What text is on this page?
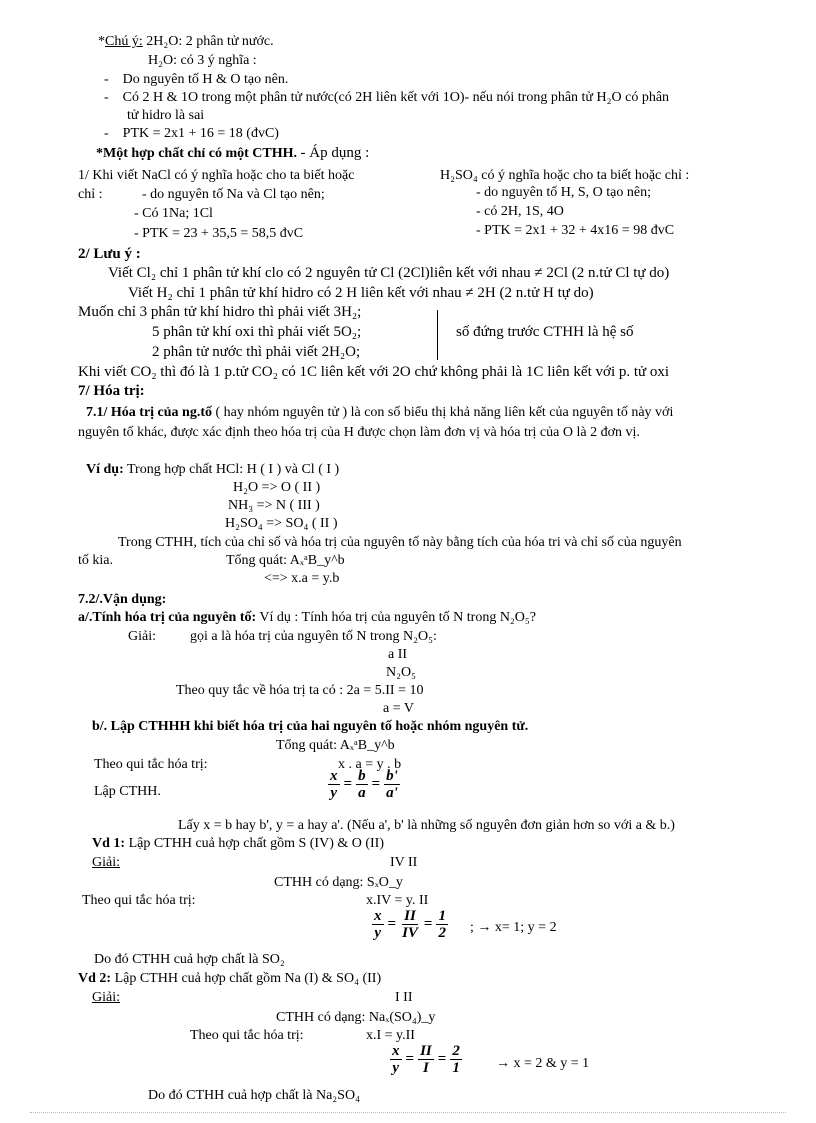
*Chú ý: 2H₂O: 2 phân tử nước.
H₂O: có 3 ý nghĩa :
-    Do nguyên tố H & O tạo nên.
-    Có 2 H & 1O trong một phân tử nước(có 2H liên kết với 1O)- nếu nói trong phân tử H₂O có phân
tử hidro là sai
-    PTK = 2x1 + 16 = 18 (đvC)
*Một hợp chất chỉ có một CTHH. - Áp dụng :
1/ Khi viết NaCl có ý nghĩa hoặc cho ta biết hoặc
chỉ :	- do nguyên tố Na và Cl tạo nên;
- Có 1Na; 1Cl
- PTK = 23 + 35,5 = 58,5 đvC
H₂SO₄ có ý nghĩa hoặc cho ta biết hoặc chỉ :
- do nguyên tố H, S, O tạo nên;
- có 2H, 1S, 4O
- PTK = 2x1 + 32 + 4x16 = 98 đvC
2/ Lưu ý :
Viết Cl₂ chỉ 1 phân tử khí clo có 2 nguyên tử Cl (2Cl)liên kết với nhau ≠ 2Cl (2 n.tử Cl tự do)
Viết H₂ chỉ 1 phân tử khí hidro có 2 H liên kết với nhau ≠ 2H (2 n.tử H tự do)
Muốn chỉ 3 phân tử khí hidro thì phải viết 3H₂;
5 phân tử khí oxi thì phải viết 5O₂;
2 phân tử nước thì phải viết 2H₂O;
số đứng trước CTHH là hệ số
Khi viết CO₂ thì đó là 1 p.tử CO₂ có 1C liên kết với 2O chứ không phải là 1C liên kết với p. tử oxi
7/ Hóa trị:
7.1/ Hóa trị của ng.tố ( hay nhóm nguyên tử ) là con số biểu thị khả năng liên kết của nguyên tố này với
nguyên tố khác, được xác định theo hóa trị của H được chọn làm đơn vị và hóa trị của O là 2 đơn vị.
Ví dụ: Trong hợp chất HCl: H ( I ) và Cl ( I )
H₂O => O ( II )
NH₃ => N ( III )
H₂SO₄ => SO₄ ( II )
Trong CTHH, tích của chỉ số và hóa trị của nguyên tố này bằng tích của hóa tri và chỉ số của nguyên
tố kia.	Tổng quát: AₓᵃB_y^b
<=> x.a = y.b
7.2/.Vận dụng:
a/.Tính hóa trị của nguyên tố: Ví dụ : Tính hóa trị của nguyên tố N trong N₂O₅?
Giải: gọi a là hóa trị của nguyên tố N trong N₂O₅:
a II
N₂O₅
Theo quy tắc về hóa trị ta có : 2a = 5.II = 10
a = V
b/. Lập CTHHH khi biết hóa trị của hai nguyên tố hoặc nhóm nguyên tử.
Tổng quát: AₓᵃB_y^b
Theo qui tắc hóa trị:	x . a = y . b
Lập CTHH.	$\frac{x}{y} = \frac{b}{a} = \frac{b'}{a'}$
Lấy x = b hay b', y = a hay a'. (Nếu a', b' là những số nguyên đơn giản hơn so với a & b.)
Vd 1: Lập CTHH cuả hợp chất gồm S (IV) & O (II)
Giải:	IV II
CTHH có dạng: SₓO_y
Theo qui tắc hóa trị:	x.IV = y. II
$\frac{x}{y} = \frac{II}{IV} = \frac{1}{2}$ ; → x= 1; y = 2
Do đó CTHH cuả hợp chất là SO₂
Vd 2: Lập CTHH cuả hợp chất gồm Na (I) & SO₄ (II)
Giải:	I II
CTHH có dạng: Naₓ(SO₄)_y
Theo qui tắc hóa trị:	x.I = y.II
$\frac{x}{y} = \frac{II}{I} = \frac{2}{1} \to x = 2$ & y = 1
Do đó CTHH cuả hợp chất là Na₂SO₄
